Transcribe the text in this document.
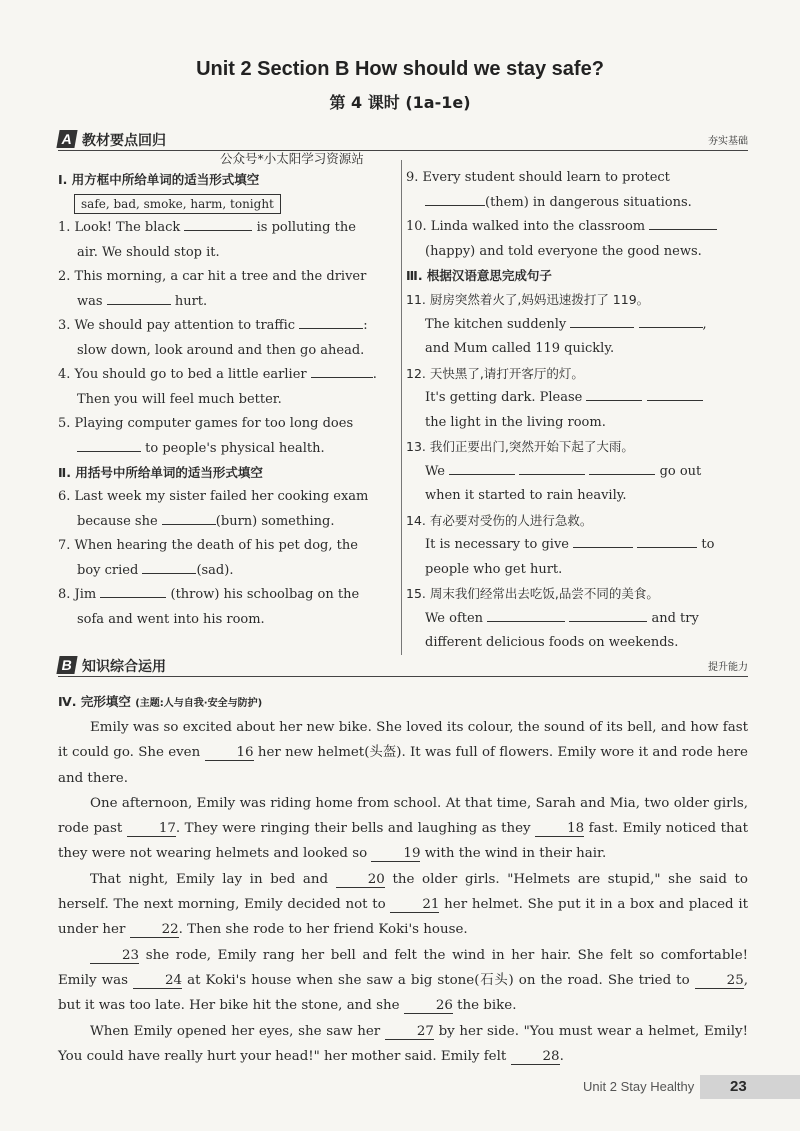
Unit 2 Section B How should we stay safe?
第 4 课时 (1a-1e)
A 教材要点回归	夯实基础
公众号*小太阳学习资源站
Ⅰ. 用方框中所给单词的适当形式填空
safe, bad, smoke, harm, tonight
1. Look! The black	is polluting the
air. We should stop it.
2. This morning, a car hit a tree and the driver
was	hurt.
3. We should pay attention to traffic	:
slow down, look around and then go ahead.
4. You should go to bed a little earlier	.
Then you will feel much better.
5. Playing computer games for too long does
to people's physical health.
Ⅱ. 用括号中所给单词的适当形式填空
6. Last week my sister failed her cooking exam
because she	(burn) something.
7. When hearing the death of his pet dog, the
boy cried	(sad).
8. Jim	(throw) his schoolbag on the
sofa and went into his room.
9. Every student should learn to protect
(them) in dangerous situations.
10. Linda walked into the classroom
(happy) and told everyone the good news.
Ⅲ. 根据汉语意思完成句子
11. 厨房突然着火了,妈妈迅速拨打了 119。
The kitchen suddenly	,
and Mum called 119 quickly.
12. 天快黑了,请打开客厅的灯。
It's getting dark. Please
the light in the living room.
13. 我们正要出门,突然开始下起了大雨。
We	go out
when it started to rain heavily.
14. 有必要对受伤的人进行急救。
It is necessary to give	to
people who get hurt.
15. 周末我们经常出去吃饭,品尝不同的美食。
We often	and try
different delicious foods on weekends.
B 知识综合运用	提升能力
Ⅳ. 完形填空 (主题:人与自我·安全与防护)

Emily was so excited about her new bike. She loved its colour, the sound of its bell, and how fast it could go. She even	16 her new helmet(头盔). It was full of flowers. Emily wore it and rode here and there.

One afternoon, Emily was riding home from school. At that time, Sarah and Mia, two older girls, rode past	17. They were ringing their bells and laughing as they	18 fast. Emily noticed that they were not wearing helmets and looked so	19 with the wind in their hair.

That night, Emily lay in bed and	20 the older girls. "Helmets are stupid," she said to herself. The next morning, Emily decided not to	21 her helmet. She put it in a box and placed it under her	22. Then she rode to her friend Koki's house.

23 she rode, Emily rang her bell and felt the wind in her hair. She felt so comfortable! Emily was	24 at Koki's house when she saw a big stone(石头) on the road. She tried to	25, but it was too late. Her bike hit the stone, and she	26 the bike.

When Emily opened her eyes, she saw her	27 by her side. "You must wear a helmet, Emily! You could have really hurt your head!" her mother said. Emily felt	28.

Unit 2 Stay Healthy	23
